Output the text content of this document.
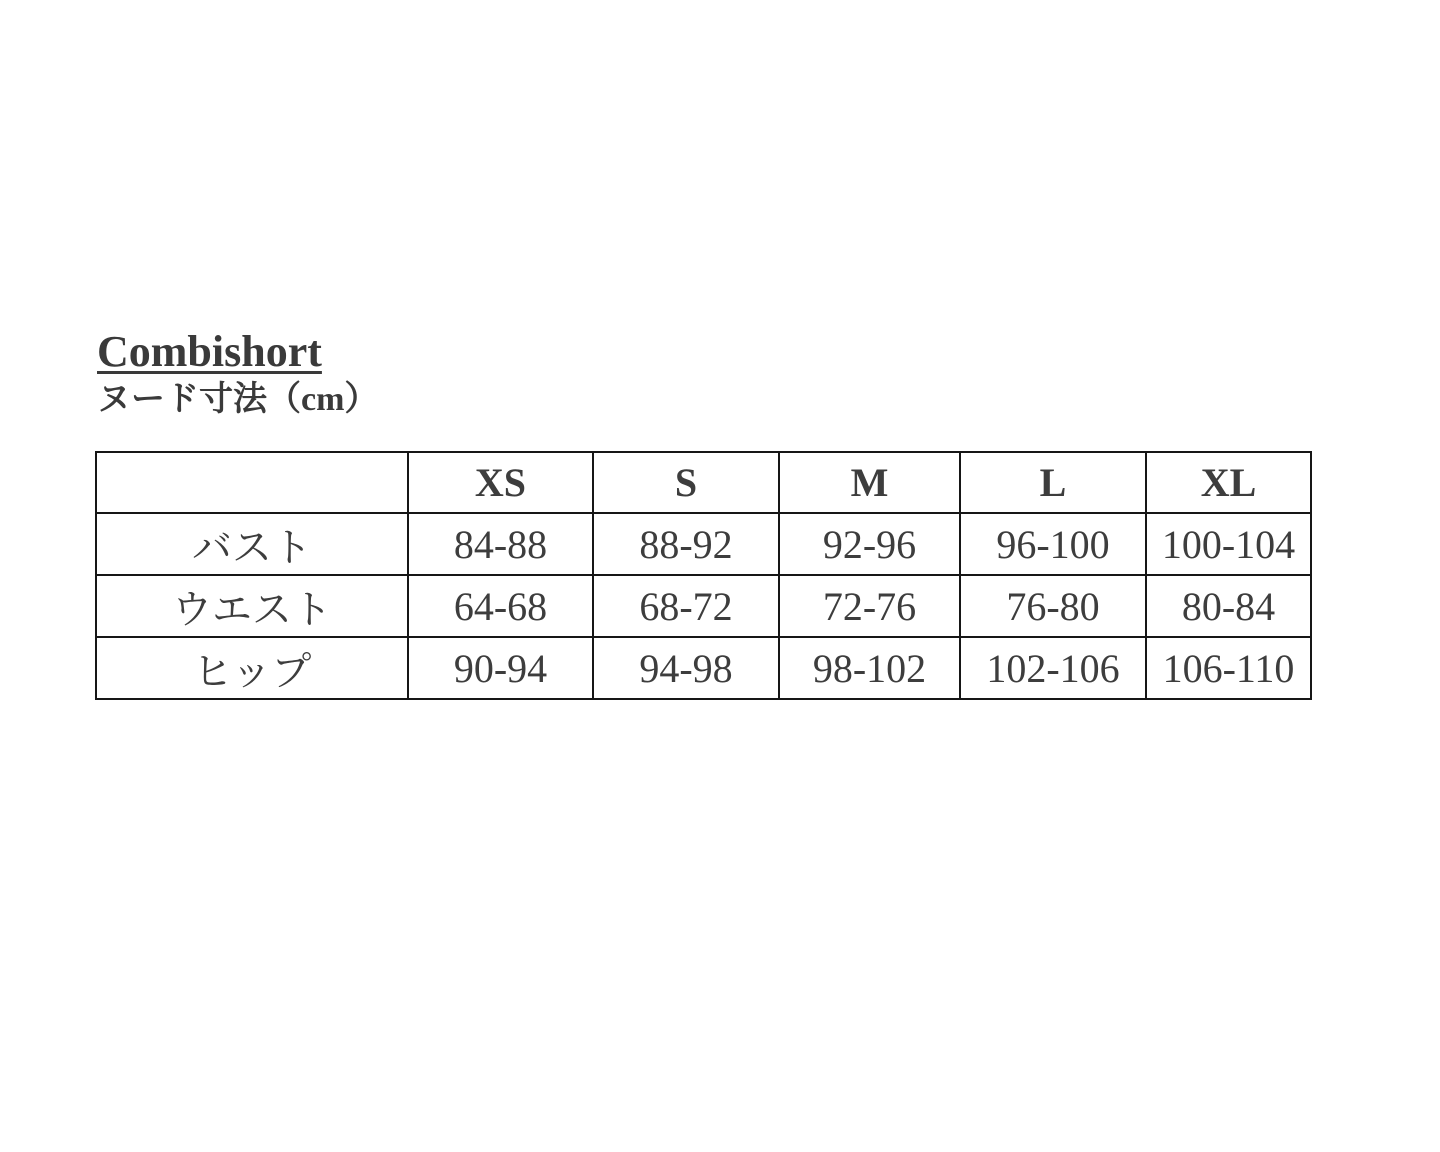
Combishort
ヌード寸法（cm）
	XS	S	M	L	XL
バスト	84-88	88-92	92-96	96-100	100-104
ウエスト	64-68	68-72	72-76	76-80	80-84
ヒップ	90-94	94-98	98-102	102-106	106-110
